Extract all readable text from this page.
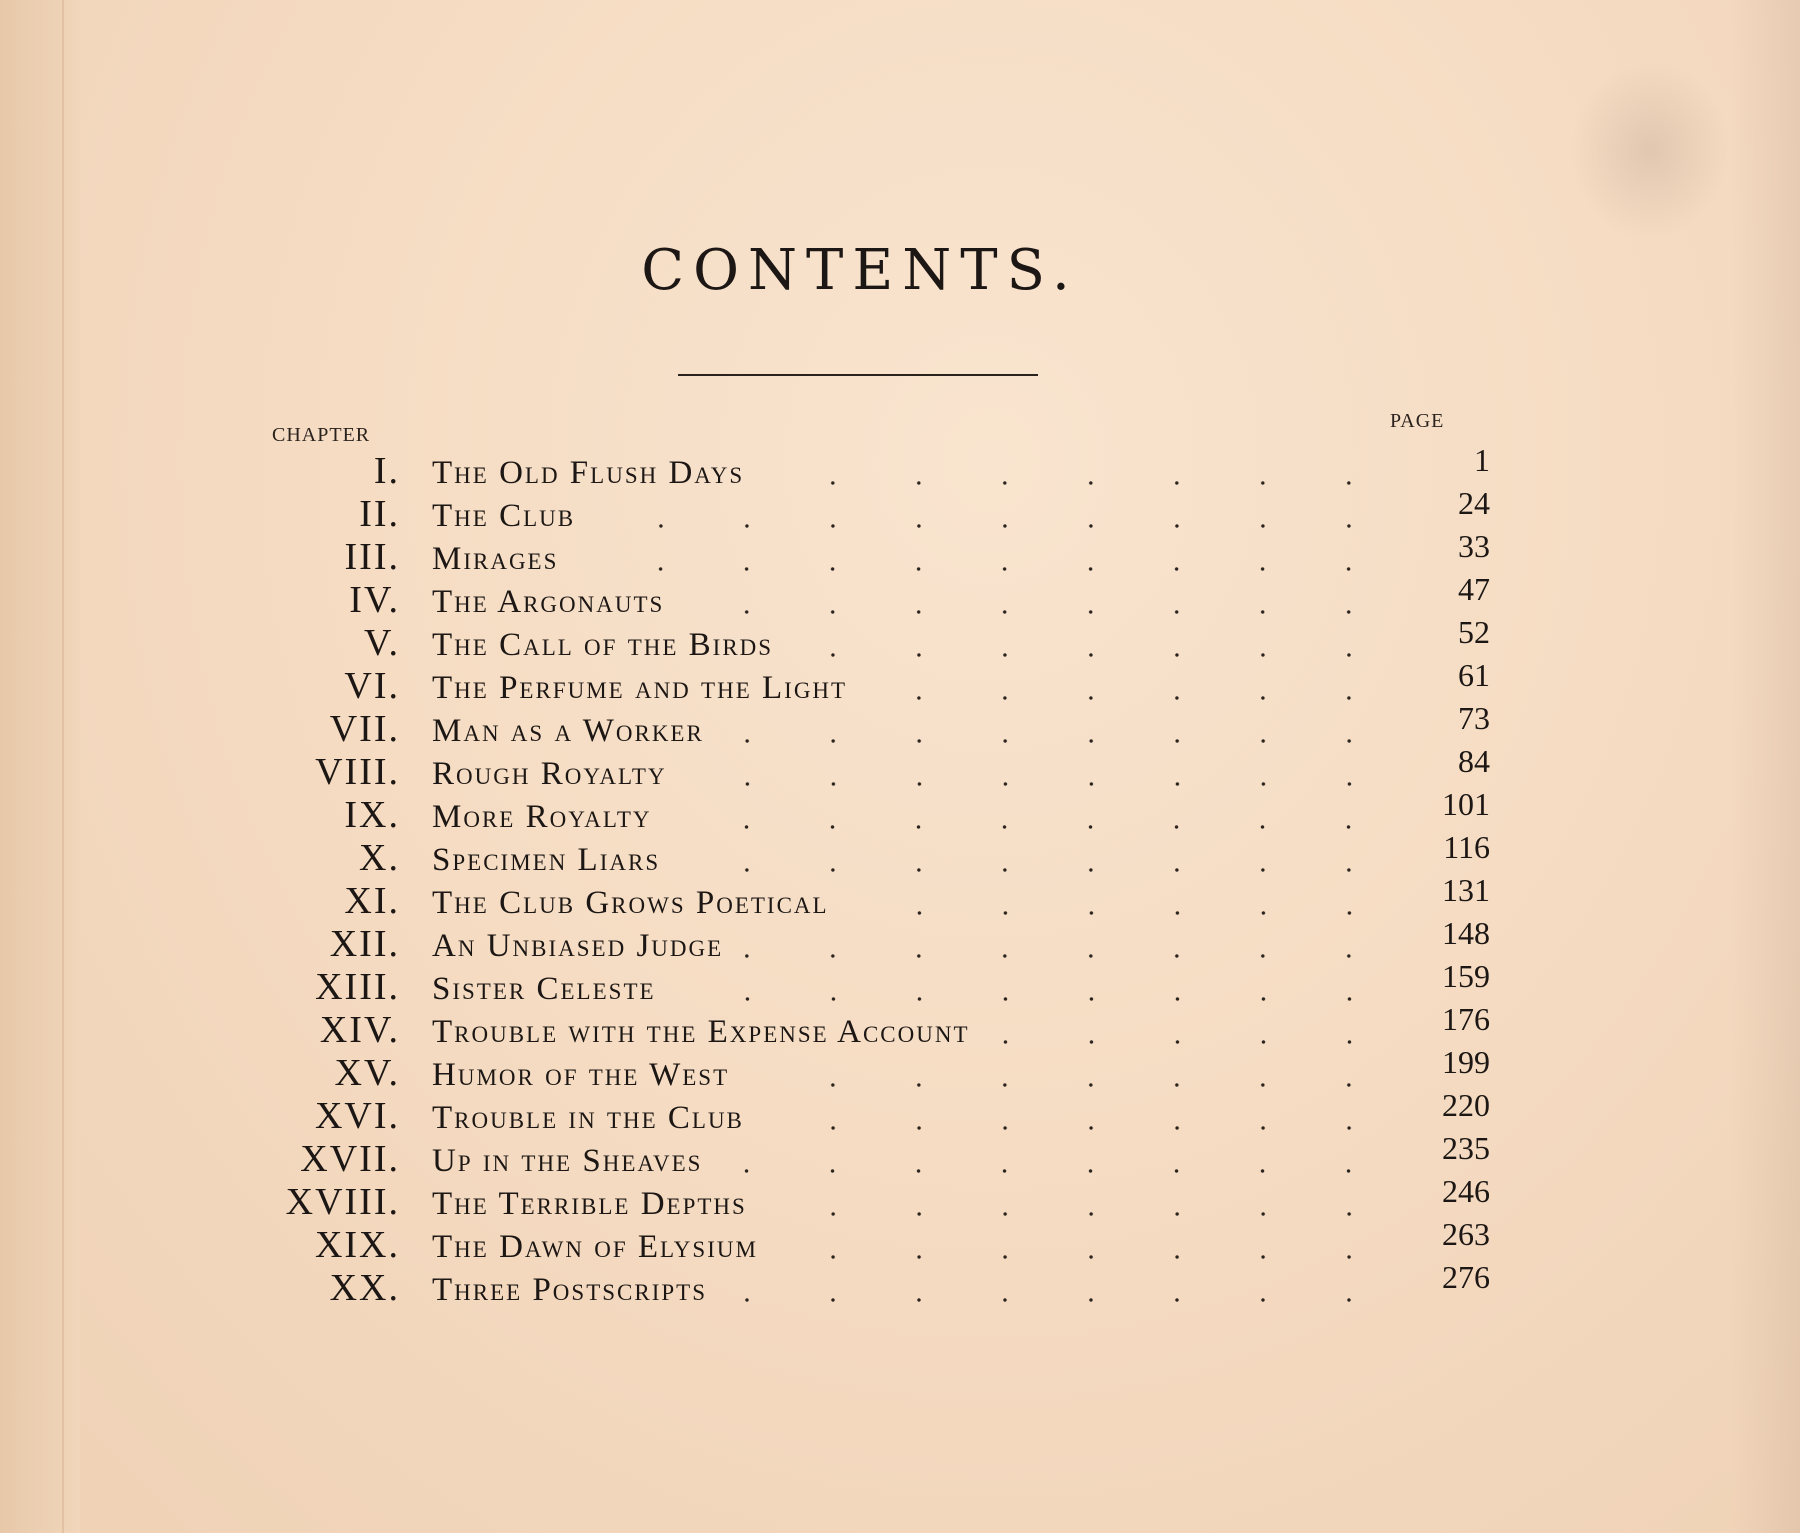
CONTENTS.
CHAPTER
PAGE
I. The Old Flush Days	1
II. The Club	24
III. Mirages	33
IV. The Argonauts	47
V. The Call of the Birds	52
VI. The Perfume and the Light	61
VII. Man as a Worker	73
VIII. Rough Royalty	84
IX. More Royalty	101
X. Specimen Liars	116
XI. The Club Grows Poetical	131
XII. An Unbiased Judge	148
XIII. Sister Celeste	159
XIV. Trouble with the Expense Account	176
XV. Humor of the West	199
XVI. Trouble in the Club	220
XVII. Up in the Sheaves	235
XVIII. The Terrible Depths	246
XIX. The Dawn of Elysium	263
XX. Three Postscripts	276
